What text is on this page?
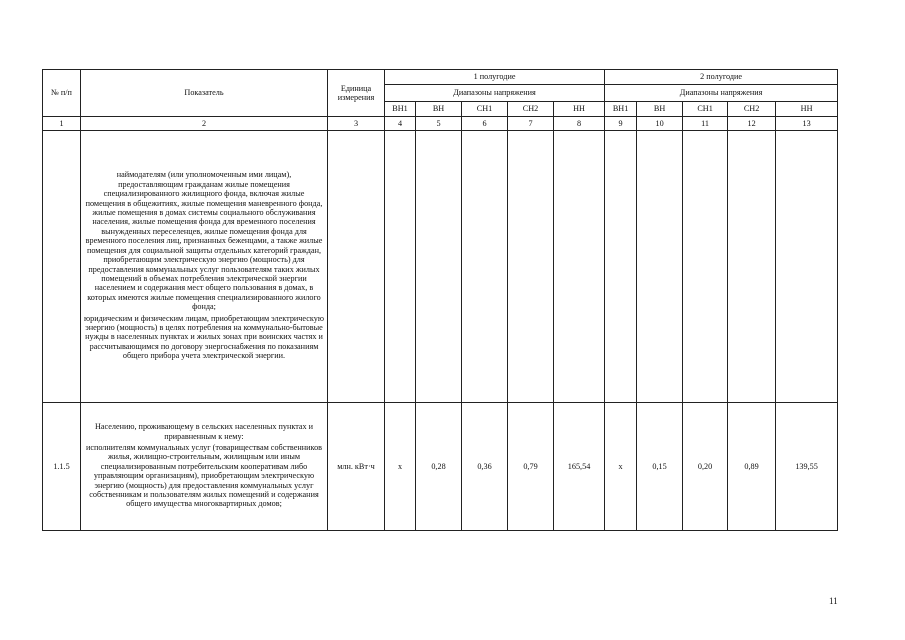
№ п/п	Показатель	Единица измерения	1 полугодие					2 полугодие				
			Диапазоны напряжения					Диапазоны напряжения				
			ВН1	ВН	СН1	СН2	НН	ВН1	ВН	СН1	СН2	НН
1	2	3	4	5	6	7	8	9	10	11	12	13

	наймодателям (или уполномоченным ими лицам), предоставляющим гражданам жилые помещения специализированного жилищного фонда, включая жилые помещения в общежитиях, жилые помещения маневренного фонда, жилые помещения в домах системы социального обслуживания населения, жилые помещения фонда для временного поселения вынужденных переселенцев, жилые помещения фонда для временного поселения лиц, признанных беженцами, а также жилые помещения для социальной защиты отдельных категорий граждан, приобретающим электрическую энергию (мощность) для предоставления коммунальных услуг пользователям таких жилых помещений в объемах потребления электрической энергии населением и содержания мест общего пользования в домах, в которых имеются жилые помещения специализированного жилого фонда;

юридическим и физическим лицам, приобретающим электрическую энергию (мощность) в целях потребления на коммунально-бытовые нужды в населенных пунктах и жилых зонах при воинских частях и рассчитывающимся по договору энергоснабжения по показаниям общего прибора учета электрической энергии.											

1.1.5	Населению, проживающему в сельских населенных пунктах и приравненным к нему:

исполнителям коммунальных услуг (товариществам собственников жилья, жилищно-строительным, жилищным или иным специализированным потребительским кооперативам либо управляющим организациям), приобретающим электрическую энергию (мощность) для предоставления коммунальных услуг собственникам и пользователям жилых помещений и содержания общего имущества многоквартирных домов;	млн. кВт·ч	x	0,28	0,36	0,79	165,54	x	0,15	0,20	0,89	139,55
11
